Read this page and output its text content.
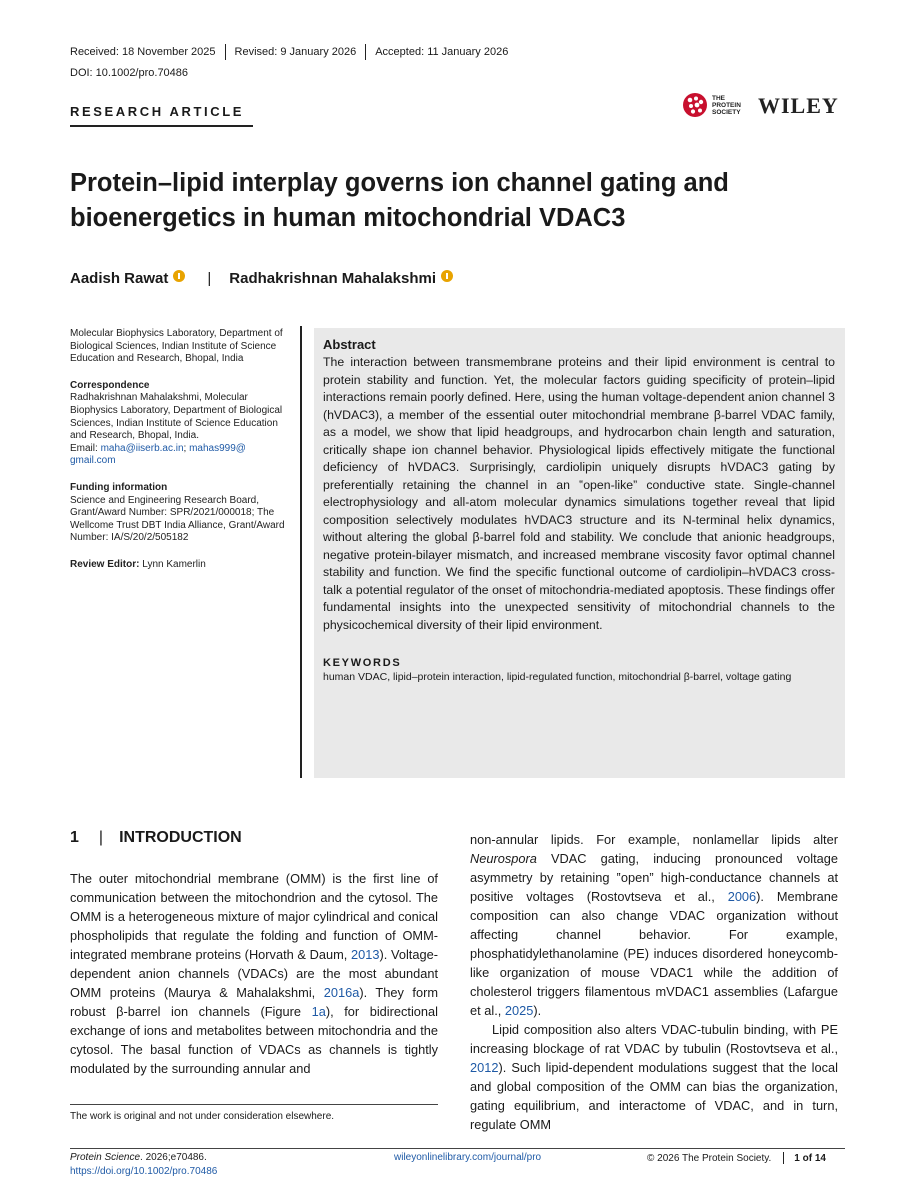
Received: 18 November 2025 Revised: 9 January 2026 Accepted: 11 January 2026
DOI: 10.1002/pro.70486
RESEARCH ARTICLE
THE
PROTEIN
SOCIETY WILEY
Protein–lipid interplay governs ion channel gating and bioenergetics in human mitochondrial VDAC3
Aadish Rawat	| Radhakrishnan Mahalakshmi
Molecular Biophysics Laboratory, Department of Biological Sciences, Indian Institute of Science Education and Research, Bhopal, India
Correspondence
Radhakrishnan Mahalakshmi, Molecular Biophysics Laboratory, Department of Biological Sciences, Indian Institute of Science Education and Research, Bhopal, India.
Email: maha@iiserb.ac.in; mahas999@ gmail.com
Funding information
Science and Engineering Research Board, Grant/Award Number: SPR/2021/000018; The Wellcome Trust DBT India Alliance, Grant/Award Number: IA/S/20/2/505182
Review Editor: Lynn Kamerlin
Abstract
The interaction between transmembrane proteins and their lipid environment is central to protein stability and function. Yet, the molecular factors guiding specificity of protein–lipid interactions remain poorly defined. Here, using the human voltage-dependent anion channel 3 (hVDAC3), a member of the essential outer mitochondrial membrane β-barrel VDAC family, as a model, we show that lipid headgroups, and hydrocarbon chain length and saturation, critically shape ion channel behavior. Physiological lipids effectively mitigate the functional deficiency of hVDAC3. Surprisingly, cardiolipin uniquely disrupts hVDAC3 gating by preferentially retaining the channel in an ‟open-like” conductive state. Single-channel electrophysiology and all-atom molecular dynamics simulations together reveal that lipid composition selectively modulates hVDAC3 structure and its N-terminal helix dynamics, without altering the global β-barrel fold and stability. We conclude that anionic headgroups, negative protein-bilayer mismatch, and increased membrane viscosity favor optimal channel stability and function. We find the specific functional outcome of cardiolipin–hVDAC3 cross-talk a potential regulator of the onset of mitochondria-mediated apoptosis. These findings offer fundamental insights into the unexpected sensitivity of mitochondrial channels to the physicochemical diversity of their lipid environment.
KEYWORDS
human VDAC, lipid–protein interaction, lipid-regulated function, mitochondrial β-barrel, voltage gating
1 | INTRODUCTION
The outer mitochondrial membrane (OMM) is the first line of communication between the mitochondrion and the cytosol. The OMM is a heterogeneous mixture of major cylindrical and conical phospholipids that regulate the folding and function of OMM-integrated membrane proteins (Horvath & Daum, 2013). Voltage-dependent anion channels (VDACs) are the most abundant OMM proteins (Maurya & Mahalakshmi, 2016a). They form robust β-barrel ion channels (Figure 1a), for bidirectional exchange of ions and metabolites between mitochondria and the cytosol. The basal function of VDACs as channels is tightly modulated by the surrounding annular and
non-annular lipids. For example, nonlamellar lipids alter Neurospora VDAC gating, inducing pronounced voltage asymmetry by retaining ‟open” high-conductance channels at positive voltages (Rostovtseva et al., 2006). Membrane composition can also change VDAC organization without affecting channel behavior. For example, phosphatidylethanolamine (PE) induces disordered honeycomb-like organization of mouse VDAC1 while the addition of cholesterol triggers filamentous mVDAC1 assemblies (Lafargue et al., 2025).
Lipid composition also alters VDAC-tubulin binding, with PE increasing blockage of rat VDAC by tubulin (Rostovtseva et al., 2012). Such lipid-dependent modulations suggest that the local and global composition of the OMM can bias the organization, gating equilibrium, and interactome of VDAC, and in turn, regulate OMM
The work is original and not under consideration elsewhere.
Protein Science. 2026;e70486.
https://doi.org/10.1002/pro.70486
wileyonlinelibrary.com/journal/pro	© 2026 The Protein Society. 1 of 14
